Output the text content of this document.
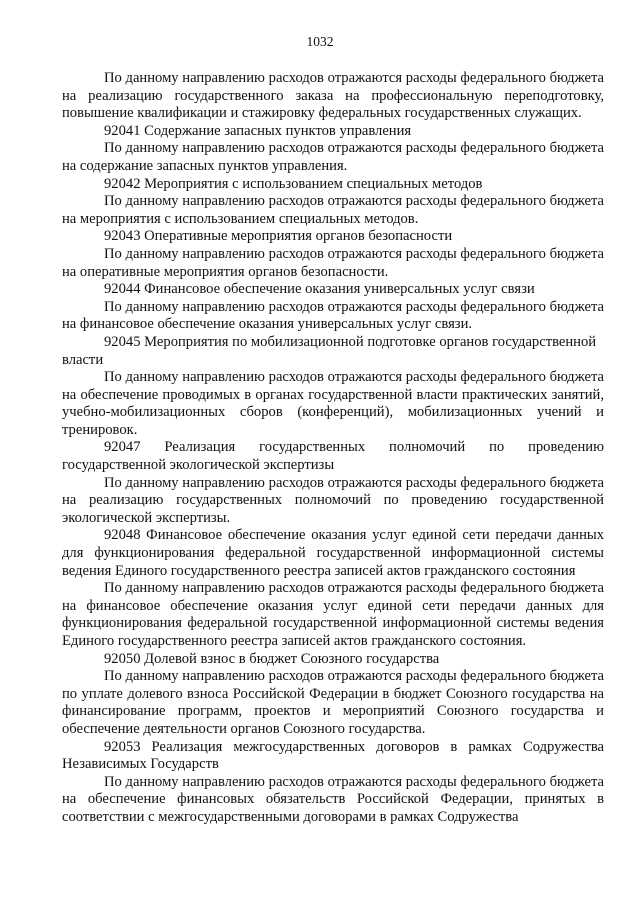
1032

По данному направлению расходов отражаются расходы федерального бюджета на реализацию государственного заказа на профессиональную переподготовку, повышение квалификации и стажировку федеральных государственных служащих.

92041 Содержание запасных пунктов управления

По данному направлению расходов отражаются расходы федерального бюджета на содержание запасных пунктов управления.

92042 Мероприятия с использованием специальных методов

По данному направлению расходов отражаются расходы федерального бюджета на мероприятия с использованием специальных методов.

92043 Оперативные мероприятия органов безопасности

По данному направлению расходов отражаются расходы федерального бюджета на оперативные мероприятия органов безопасности.

92044 Финансовое обеспечение оказания универсальных услуг связи

По данному направлению расходов отражаются расходы федерального бюджета на финансовое обеспечение оказания универсальных услуг связи.

92045 Мероприятия по мобилизационной подготовке органов государственной власти

По данному направлению расходов отражаются расходы федерального бюджета на обеспечение проводимых в органах государственной власти практических занятий, учебно-мобилизационных сборов (конференций), мобилизационных учений и тренировок.

92047 Реализация государственных полномочий по проведению государственной экологической экспертизы

По данному направлению расходов отражаются расходы федерального бюджета на реализацию государственных полномочий по проведению государственной экологической экспертизы.

92048 Финансовое обеспечение оказания услуг единой сети передачи данных для функционирования федеральной государственной информационной системы ведения Единого государственного реестра записей актов гражданского состояния

По данному направлению расходов отражаются расходы федерального бюджета на финансовое обеспечение оказания услуг единой сети передачи данных для функционирования федеральной государственной информационной системы ведения Единого государственного реестра записей актов гражданского состояния.

92050 Долевой взнос в бюджет Союзного государства

По данному направлению расходов отражаются расходы федерального бюджета по уплате долевого взноса Российской Федерации в бюджет Союзного государства на финансирование программ, проектов и мероприятий Союзного государства и обеспечение деятельности органов Союзного государства.

92053 Реализация межгосударственных договоров в рамках Содружества Независимых Государств

По данному направлению расходов отражаются расходы федерального бюджета на обеспечение финансовых обязательств Российской Федерации, принятых в соответствии с межгосударственными договорами в рамках Содружества
